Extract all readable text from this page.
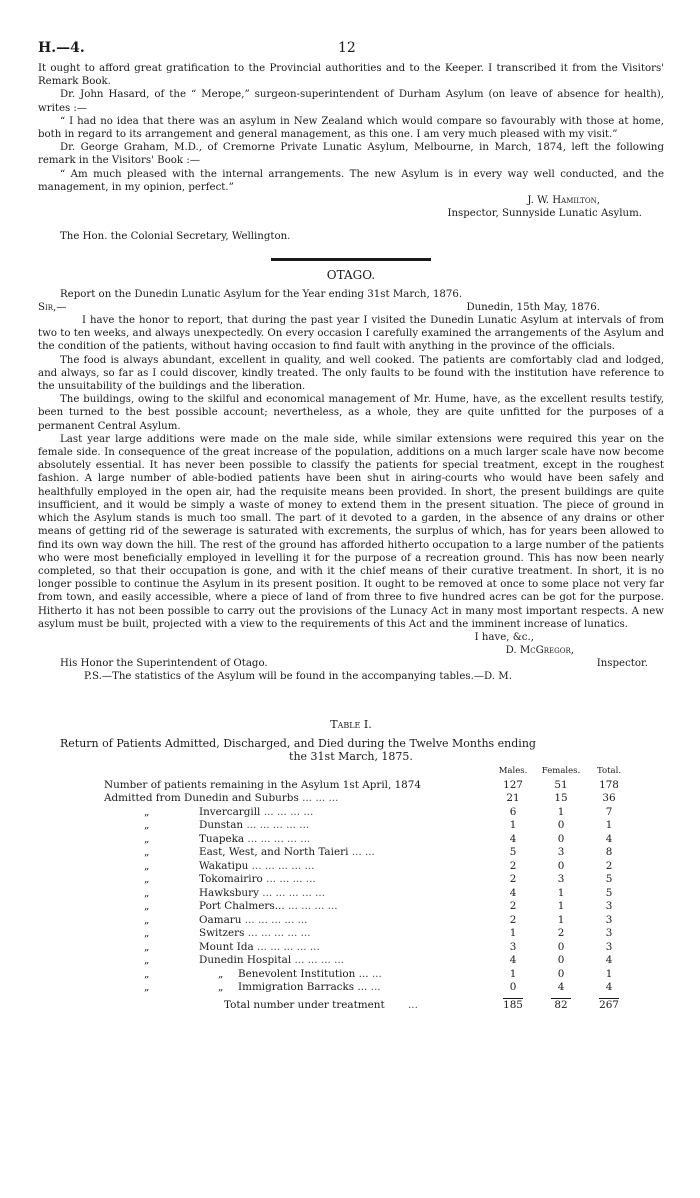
H.—4.	12

It ought to afford great gratification to the Provincial authorities and to the Keeper. I transcribed it from the Visitors' Remark Book.

Dr. John Hasard, of the “ Merope,” surgeon-superintendent of Durham Asylum (on leave of absence for health), writes :—

“ I had no idea that there was an asylum in New Zealand which would compare so favourably with those at home, both in regard to its arrangement and general management, as this one. I am very much pleased with my visit.”

Dr. George Graham, M.D., of Cremorne Private Lunatic Asylum, Melbourne, in March, 1874, left the following remark in the Visitors' Book :—

“ Am much pleased with the internal arrangements. The new Asylum is in every way well conducted, and the management, in my opinion, perfect.”

J. W. Hamilton,

Inspector, Sunnyside Lunatic Asylum.

The Hon. the Colonial Secretary, Wellington.

OTAGO.

Report on the Dunedin Lunatic Asylum for the Year ending 31st March, 1876.

Sir,—	Dunedin, 15th May, 1876.

I have the honor to report, that during the past year I visited the Dunedin Lunatic Asylum at intervals of from two to ten weeks, and always unexpectedly. On every occasion I carefully examined the arrangements of the Asylum and the condition of the patients, without having occasion to find fault with anything in the province of the officials.

The food is always abundant, excellent in quality, and well cooked. The patients are comfortably clad and lodged, and always, so far as I could discover, kindly treated. The only faults to be found with the institution have reference to the unsuitability of the buildings and the liberation.

The buildings, owing to the skilful and economical management of Mr. Hume, have, as the excellent results testify, been turned to the best possible account; nevertheless, as a whole, they are quite unfitted for the purposes of a permanent Central Asylum.

Last year large additions were made on the male side, while similar extensions were required this year on the female side. In consequence of the great increase of the population, additions on a much larger scale have now become absolutely essential. It has never been possible to classify the patients for special treatment, except in the roughest fashion. A large number of able-bodied patients have been shut in airing-courts who would have been safely and healthfully employed in the open air, had the requisite means been provided. In short, the present buildings are quite insufficient, and it would be simply a waste of money to extend them in the present situation. The piece of ground in which the Asylum stands is much too small. The part of it devoted to a garden, in the absence of any drains or other means of getting rid of the sewerage is saturated with excrements, the surplus of which, has for years been allowed to find its own way down the hill. The rest of the ground has afforded hitherto occupation to a large number of the patients who were most beneficially employed in levelling it for the purpose of a recreation ground. This has now been nearly completed, so that their occupation is gone, and with it the chief means of their curative treatment. In short, it is no longer possible to continue the Asylum in its present position. It ought to be removed at once to some place not very far from town, and easily accessible, where a piece of land of from three to five hundred acres can be got for the purpose. Hitherto it has not been possible to carry out the provisions of the Lunacy Act in many most important respects. A new asylum must be built, projected with a view to the requirements of this Act and the imminent increase of lunatics.

I have, &c.,

D. McGregor,

His Honor the Superintendent of Otago.	Inspector.

P.S.—The statistics of the Asylum will be found in the accompanying tables.—D. M.

Table I.

Return of Patients Admitted, Discharged, and Died during the Twelve Months ending

the 31st March, 1875.

	Males.	Females.	Total.
Number of patients remaining in the Asylum 1st April, 1874	127	51	178
Admitted from Dunedin and Suburbs ... ... ...	21	15	36
„ Invercargill ... ... ... ...	6	1	7
„ Dunstan ... ... ... ... ...	1	0	1
„ Tuapeka ... ... ... ... ...	4	0	4
„ East, West, and North Taieri ... ...	5	3	8
„ Wakatipu ... ... ... ... ...	2	0	2
„ Tokomairiro ... ... ... ...	2	3	5
„ Hawksbury ... ... ... ... ...	4	1	5
„ Port Chalmers... ... ... ... ...	2	1	3
„ Oamaru ... ... ... ... ...	2	1	3
„ Switzers ... ... ... ... ...	1	2	3
„ Mount Ida ... ... ... ... ...	3	0	3
„ Dunedin Hospital ... ... ... ...	4	0	4
„ „ Benevolent Institution ... ...	1	0	1
„ „ Immigration Barracks ... ...	0	4	4

Total number under treatment ...	185	82	267
